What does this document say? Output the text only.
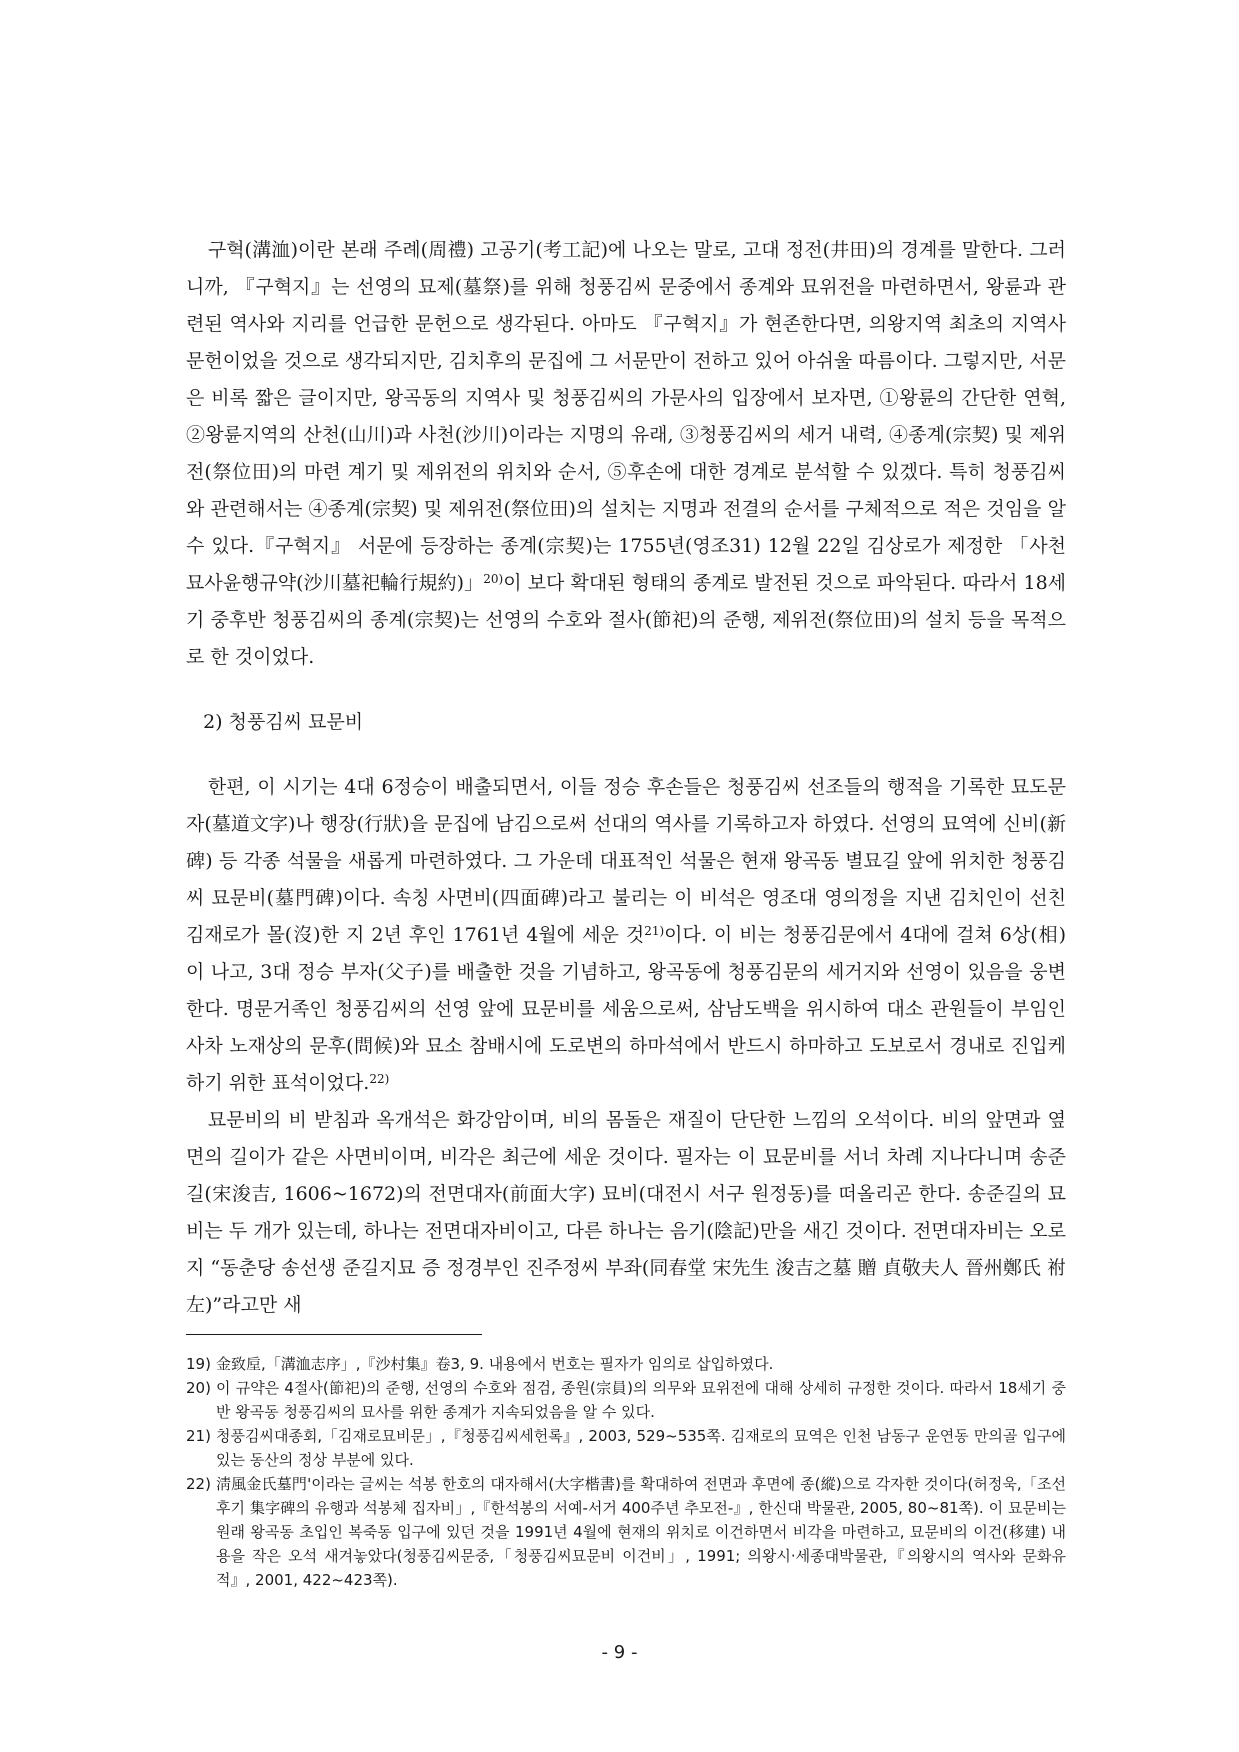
구혁(溝洫)이란 본래 주례(周禮) 고공기(考工記)에 나오는 말로, 고대 정전(井田)의 경계를 말한다. 그러니까, 『구혁지』는 선영의 묘제(墓祭)를 위해 청풍김씨 문중에서 종계와 묘위전을 마련하면서, 왕륜과 관련된 역사와 지리를 언급한 문헌으로 생각된다. 아마도 『구혁지』가 현존한다면, 의왕지역 최초의 지역사 문헌이었을 것으로 생각되지만, 김치후의 문집에 그 서문만이 전하고 있어 아쉬울 따름이다. 그렇지만, 서문은 비록 짧은 글이지만, 왕곡동의 지역사 및 청풍김씨의 가문사의 입장에서 보자면, ①왕륜의 간단한 연혁, ②왕륜지역의 산천(山川)과 사천(沙川)이라는 지명의 유래, ③청풍김씨의 세거 내력, ④종계(宗契) 및 제위전(祭位田)의 마련 계기 및 제위전의 위치와 순서, ⑤후손에 대한 경계로 분석할 수 있겠다. 특히 청풍김씨와 관련해서는 ④종계(宗契) 및 제위전(祭位田)의 설치는 지명과 전결의 순서를 구체적으로 적은 것임을 알 수 있다.『구혁지』 서문에 등장하는 종계(宗契)는 1755년(영조31) 12월 22일 김상로가 제정한 「사천묘사윤행규약(沙川墓祀輪行規約)」$^{20)}$이 보다 확대된 형태의 종계로 발전된 것으로 파악된다. 따라서 18세기 중후반 청풍김씨의 종계(宗契)는 선영의 수호와 절사(節祀)의 준행, 제위전(祭位田)의 설치 등을 목적으로 한 것이었다.

2) 청풍김씨 묘문비

한편, 이 시기는 4대 6정승이 배출되면서, 이들 정승 후손들은 청풍김씨 선조들의 행적을 기록한 묘도문자(墓道文字)나 행장(行狀)을 문집에 남김으로써 선대의 역사를 기록하고자 하였다. 선영의 묘역에 신비(新碑) 등 각종 석물을 새롭게 마련하였다. 그 가운데 대표적인 석물은 현재 왕곡동 별묘길 앞에 위치한 청풍김씨 묘문비(墓門碑)이다. 속칭 사면비(四面碑)라고 불리는 이 비석은 영조대 영의정을 지낸 김치인이 선친 김재로가 몰(沒)한 지 2년 후인 1761년 4월에 세운 것$^{21)}$이다. 이 비는 청풍김문에서 4대에 걸쳐 6상(相)이 나고, 3대 정승 부자(父子)를 배출한 것을 기념하고, 왕곡동에 청풍김문의 세거지와 선영이 있음을 웅변한다. 명문거족인 청풍김씨의 선영 앞에 묘문비를 세움으로써, 삼남도백을 위시하여 대소 관원들이 부임인사차 노재상의 문후(問候)와 묘소 참배시에 도로변의 하마석에서 반드시 하마하고 도보로서 경내로 진입케 하기 위한 표석이었다.$^{22)}$

묘문비의 비 받침과 옥개석은 화강암이며, 비의 몸돌은 재질이 단단한 느낌의 오석이다. 비의 앞면과 옆면의 길이가 같은 사면비이며, 비각은 최근에 세운 것이다. 필자는 이 묘문비를 서너 차례 지나다니며 송준길(宋浚吉, 1606~1672)의 전면대자(前面大字) 묘비(대전시 서구 원정동)를 떠올리곤 한다. 송준길의 묘비는 두 개가 있는데, 하나는 전면대자비이고, 다른 하나는 음기(陰記)만을 새긴 것이다. 전면대자비는 오로지 “동춘당 송선생 준길지묘 증 정경부인 진주정씨 부좌(同春堂 宋先生 浚吉之墓 贈 貞敬夫人 晉州鄭氏 祔左)”라고만 새

19) 金致垕,「溝洫志序」,『沙村集』卷3, 9. 내용에서 번호는 필자가 임의로 삽입하였다.
20) 이 규약은 4절사(節祀)의 준행, 선영의 수호와 점검, 종원(宗員)의 의무와 묘위전에 대해 상세히 규정한 것이다. 따라서 18세기 중반 왕곡동 청풍김씨의 묘사를 위한 종계가 지속되었음을 알 수 있다.
21) 청풍김씨대종회,「김재로묘비문」,『청풍김씨세헌록』, 2003, 529~535쪽. 김재로의 묘역은 인천 남동구 운연동 만의골 입구에 있는 동산의 정상 부분에 있다.
22) 淸風金氏墓門'이라는 글씨는 석봉 한호의 대자해서(大字楷書)를 확대하여 전면과 후면에 종(縱)으로 각자한 것이다(허정욱,「조선후기 集字碑의 유행과 석봉체 집자비」,『한석봉의 서예-서거 400주년 추모전-』, 한신대 박물관, 2005, 80~81쪽). 이 묘문비는 원래 왕곡동 초입인 복죽동 입구에 있던 것을 1991년 4월에 현재의 위치로 이건하면서 비각을 마련하고, 묘문비의 이건(移建) 내용을 작은 오석 새겨놓았다(청풍김씨문중,「청풍김씨묘문비 이건비」, 1991; 의왕시·세종대박물관,『의왕시의 역사와 문화유적』, 2001, 422~423쪽).
- 9 -
